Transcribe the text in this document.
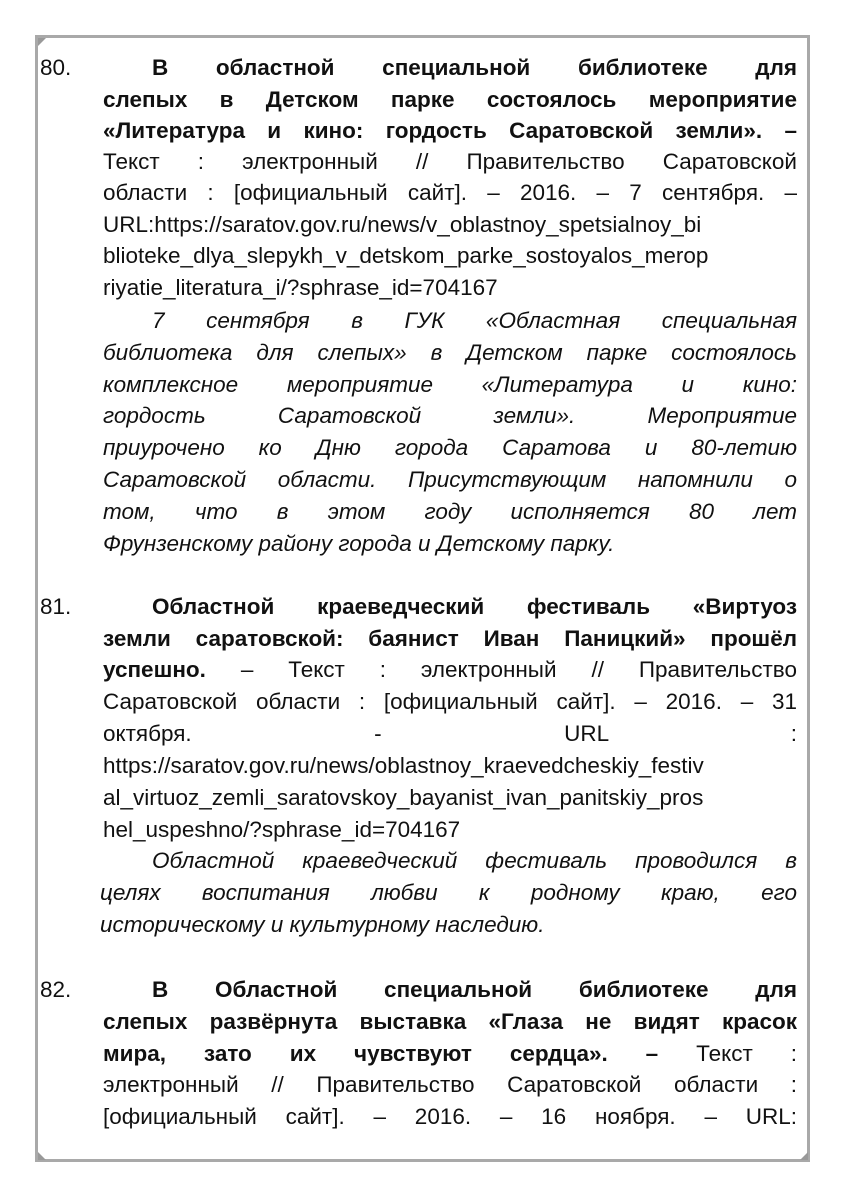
80.	В областной специальной библиотеке для
слепых в Детском парке состоялось мероприятие
«Литература и кино: гордость Саратовской земли». –
Текст : электронный // Правительство Саратовской
области : [официальный сайт]. – 2016. – 7 сентября. –
URL:https://saratov.gov.ru/news/v_oblastnoy_spetsialnoy_bi
blioteke_dlya_slepykh_v_detskom_parke_sostoyalos_merop
riyatie_literatura_i/?sphrase_id=704167
7 сентября в ГУК «Областная специальная
библиотека для слепых» в Детском парке состоялось
комплексное мероприятие «Литература и кино:
гордость Саратовской земли». Мероприятие
приурочено ко Дню города Саратова и 80-летию
Саратовской области. Присутствующим напомнили о
том, что в этом году исполняется 80 лет
Фрунзенскому району города и Детскому парку.
81.	Областной краеведческий фестиваль «Виртуоз
земли саратовской: баянист Иван Паницкий» прошёл
успешно. – Текст : электронный // Правительство
Саратовской области : [официальный сайт]. – 2016. – 31
октября. - URL :
https://saratov.gov.ru/news/oblastnoy_kraevedcheskiy_festiv
al_virtuoz_zemli_saratovskoy_bayanist_ivan_panitskiy_pros
hel_uspeshno/?sphrase_id=704167
Областной краеведческий фестиваль проводился в
целях воспитания любви к родному краю, его
историческому и культурному наследию.
82.	В Областной специальной библиотеке для
слепых развёрнута выставка «Глаза не видят красок
мира, зато их чувствуют сердца». – Текст :
электронный // Правительство Саратовской области :
[официальный сайт]. – 2016. – 16 ноября. – URL:
